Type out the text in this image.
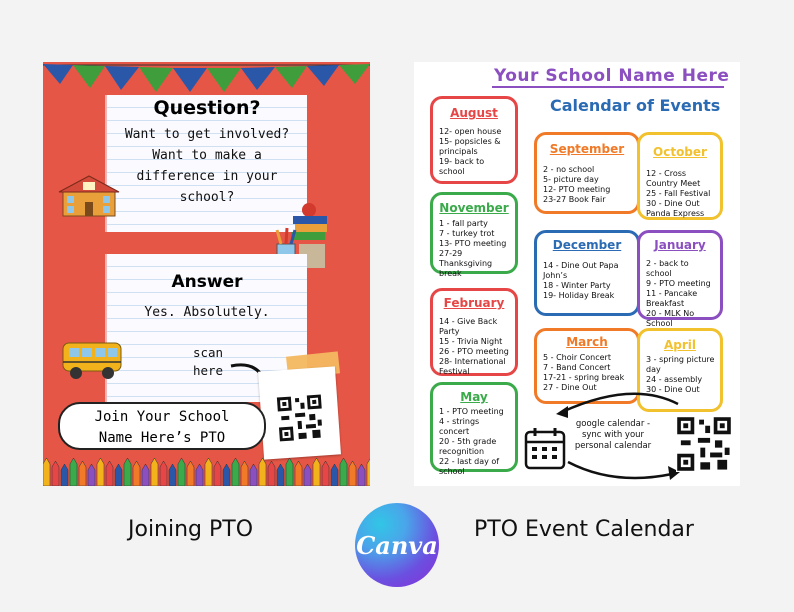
Question?
Want to get involved?
Want to make a
difference in your
school?
Answer
Yes. Absolutely.
scan
here
Join Your School
Name Here’s PTO
Your School Name Here
Calendar of Events
August
12- open house
15- popsicles & principals
19- back to school
September
2 - no school
5- picture day
12- PTO meeting
23-27 Book Fair
October
12 - Cross Country Meet
25 - Fall Festival
30 - Dine Out Panda Express
November
1 - fall party
7 - turkey trot
13- PTO meeting
27-29 Thanksgiving break
December
14 - Dine Out Papa John’s
18 - Winter Party
19- Holiday Break
January
2 - back to school
9 - PTO meeting
11 - Pancake Breakfast
20 - MLK No School
February
14 - Give Back Party
15 - Trivia Night
26 - PTO meeting
28- International Festival
March
5 - Choir Concert
7 - Band Concert
17-21 - spring break
27 - Dine Out
April
3 - spring picture day
24 - assembly
30 - Dine Out
May
1 - PTO meeting
4 - strings concert
20 - 5th grade recognition
22 - last day of school
google calendar -
sync with your
personal calendar
Joining PTO
Canva
PTO Event Calendar
